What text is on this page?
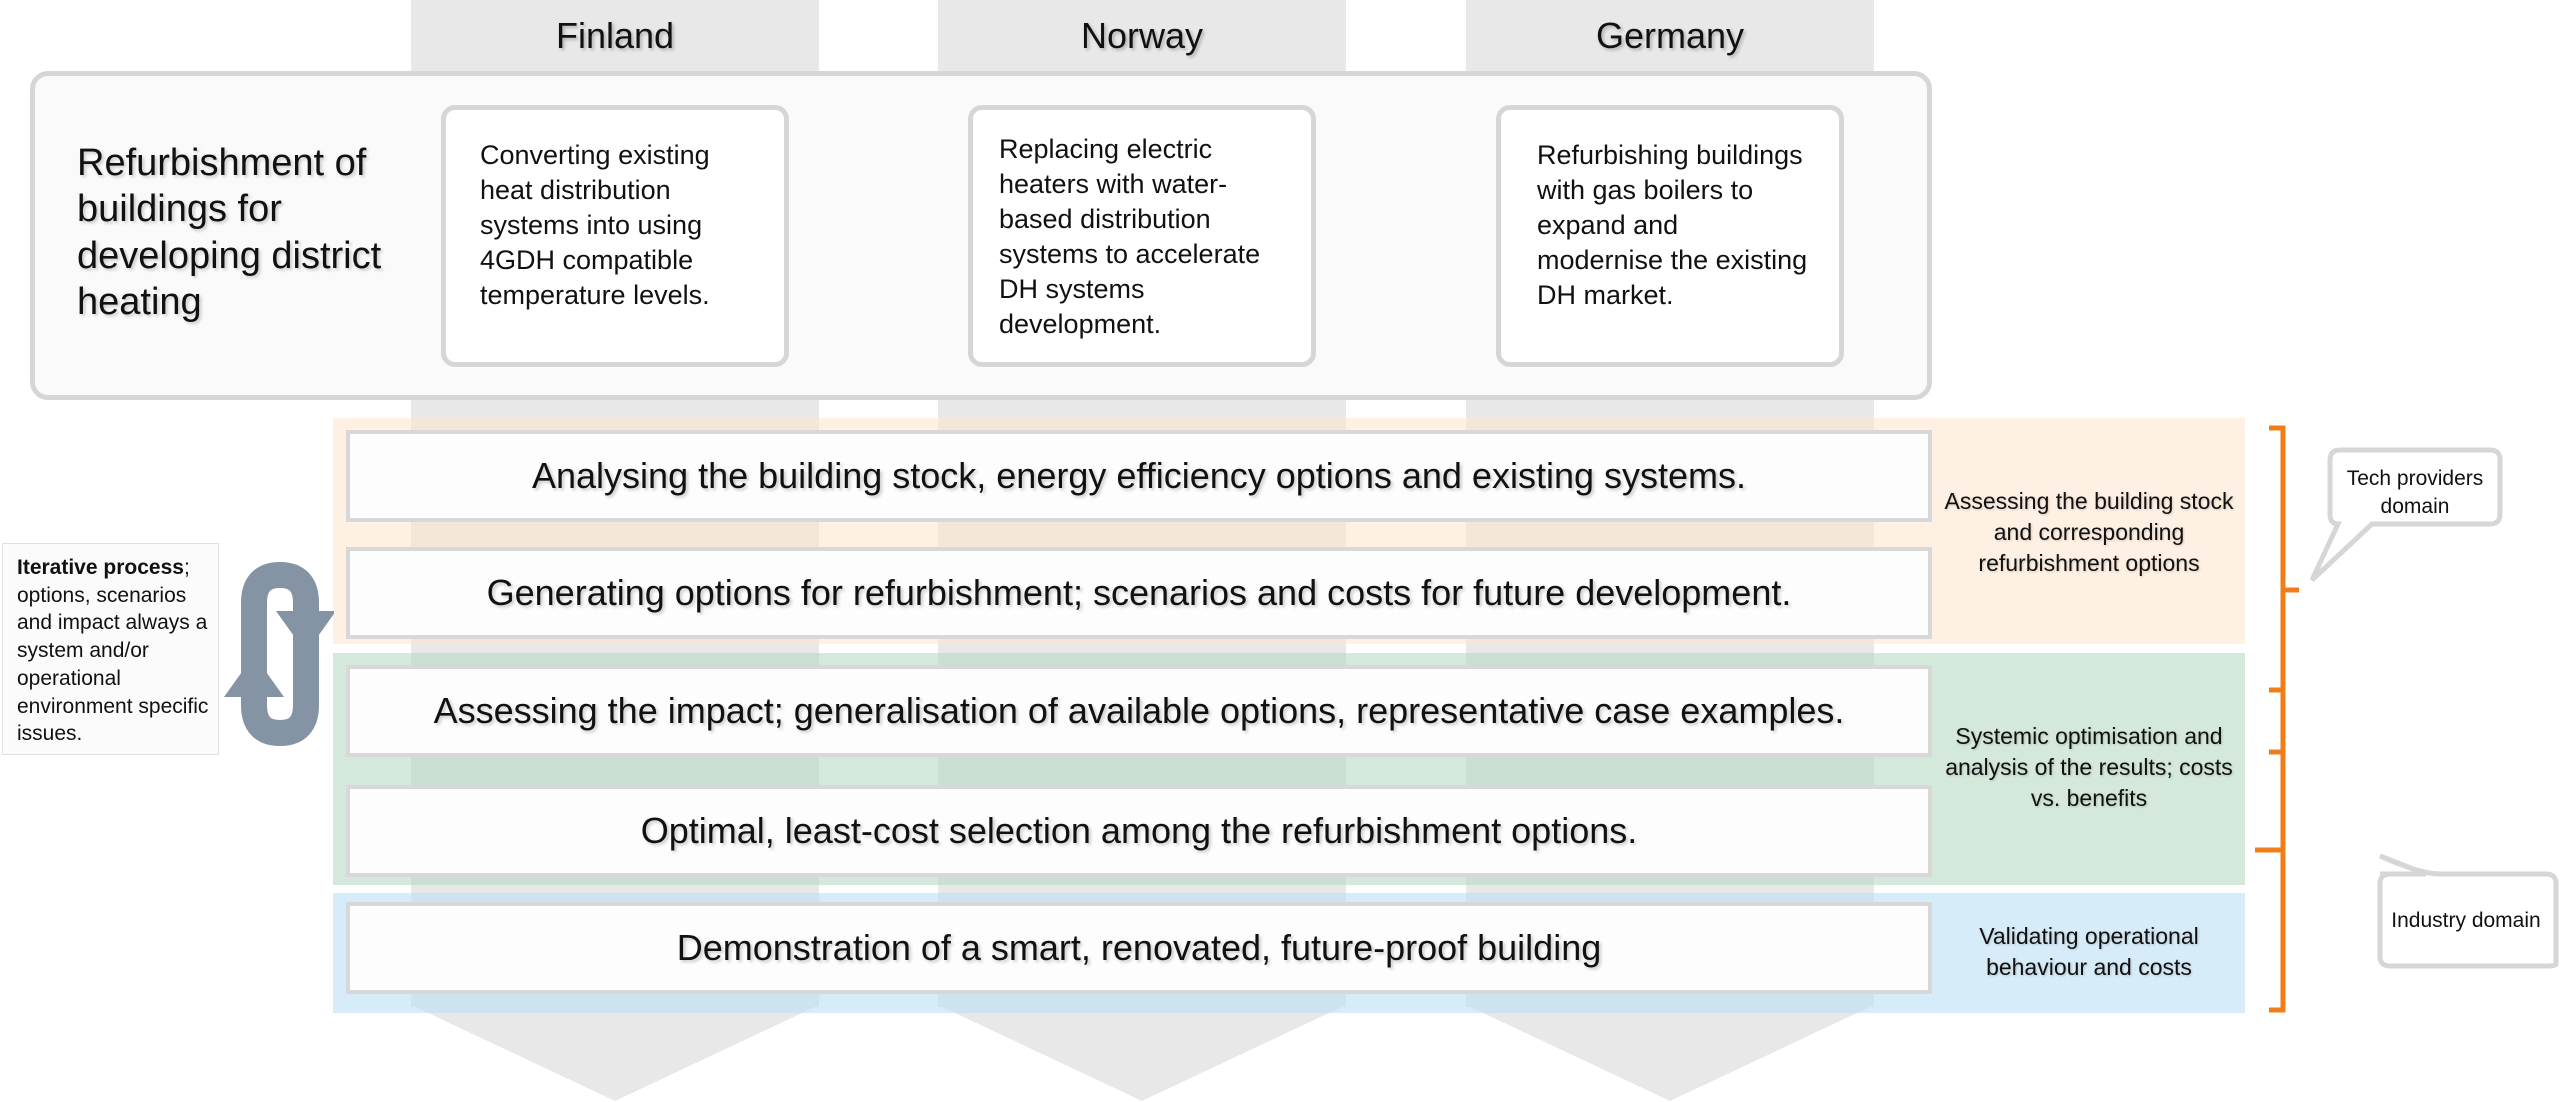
Finland	Norway	Germany
Refurbishment of buildings for developing district heating
Converting existing heat distribution systems into using 4GDH compatible temperature levels.
Replacing electric heaters with water-based distribution systems to accelerate DH systems development.
Refurbishing buildings with gas boilers to expand and modernise the existing DH market.
Analysing the building stock, energy efficiency options and existing systems.
Generating options for refurbishment; scenarios and costs for future development.
Assessing the impact; generalisation of available options, representative case examples.
Optimal, least-cost selection among the refurbishment options.
Demonstration of a smart, renovated, future-proof building
Assessing the building stock and corresponding refurbishment options
Systemic optimisation and analysis of the results; costs vs. benefits
Validating operational behaviour and costs
Iterative process; options, scenarios and impact always a system and/or operational environment specific issues.
Tech providers domain
Industry domain
